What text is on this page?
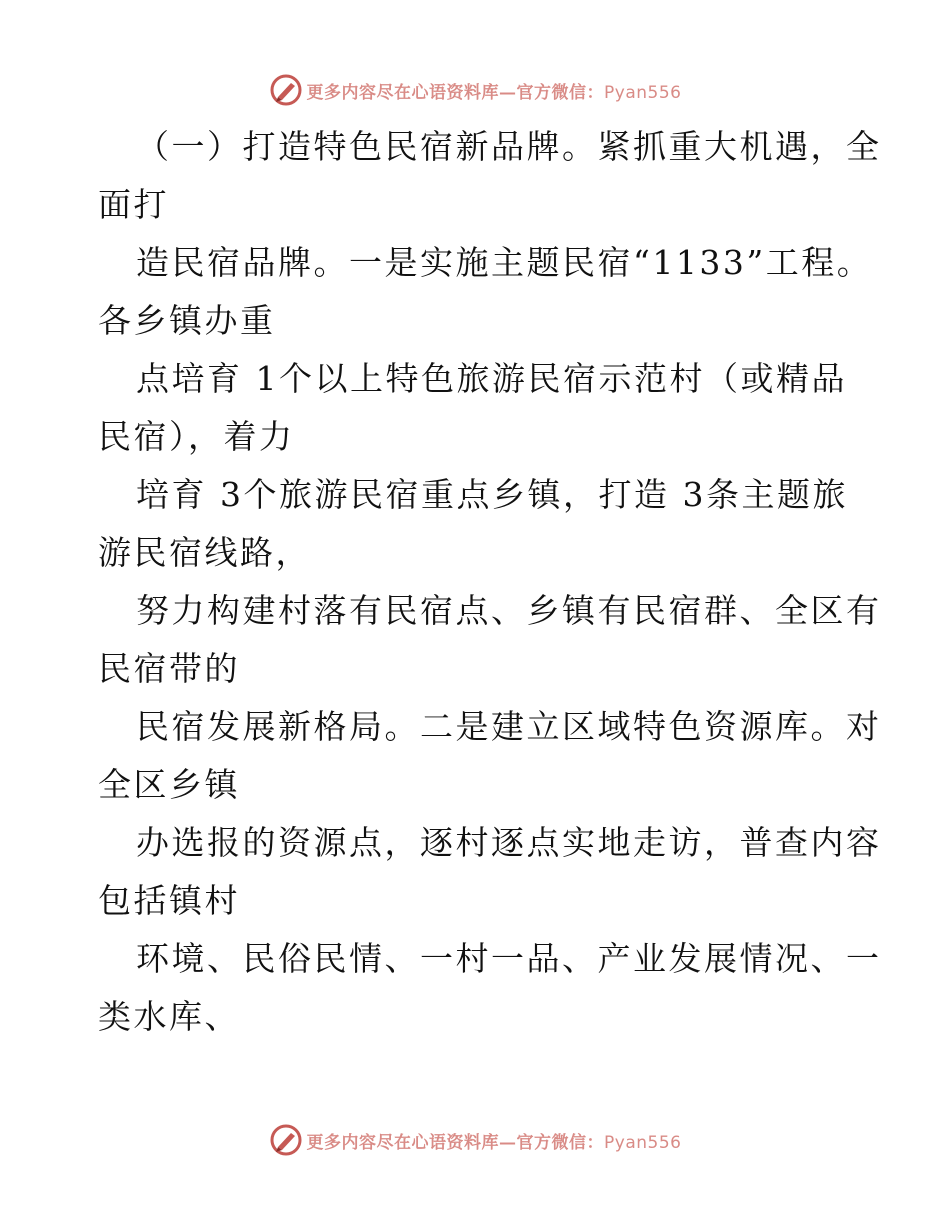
更多内容尽在心语资料库—官方微信：Pyan556
（一）打造特色民宿新品牌。紧抓重大机遇，全
面打
造民宿品牌。一是实施主题民宿“1133”工程。
各乡镇办重
点培育 1个以上特色旅游民宿示范村（或精品
民宿），着力
培育 3个旅游民宿重点乡镇，打造 3条主题旅
游民宿线路，
努力构建村落有民宿点、乡镇有民宿群、全区有
民宿带的
民宿发展新格局。二是建立区域特色资源库。对
全区乡镇
办选报的资源点，逐村逐点实地走访，普查内容
包括镇村
环境、民俗民情、一村一品、产业发展情况、一
类水库、
更多内容尽在心语资料库—官方微信：Pyan556
